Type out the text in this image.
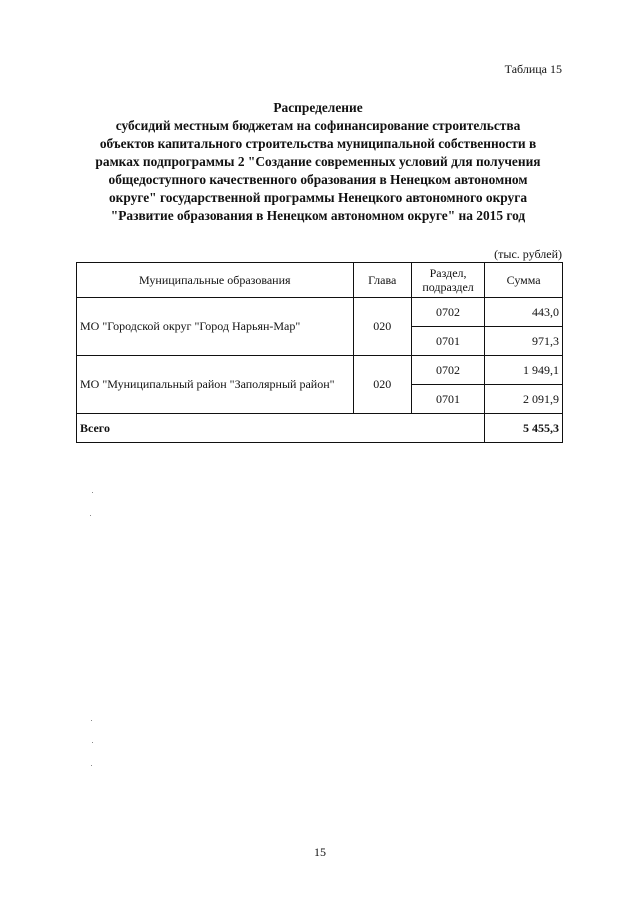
Таблица 15
Распределение
субсидий местным бюджетам на софинансирование строительства
объектов капитального строительства муниципальной собственности в
рамках подпрограммы 2 "Создание современных условий для получения
общедоступного качественного образования в Ненецком автономном
округе" государственной программы Ненецкого автономного округа
"Развитие образования в Ненецком автономном округе" на 2015 год
(тыс. рублей)
Муниципальные образования	Глава	Раздел, подраздел	Сумма
МО "Городской округ "Город Нарьян-Мар"	020	0702	443,0
		0701	971,3
МО "Муниципальный район "Заполярный район"	020	0702	1 949,1
		0701	2 091,9
Всего			5 455,3
15
